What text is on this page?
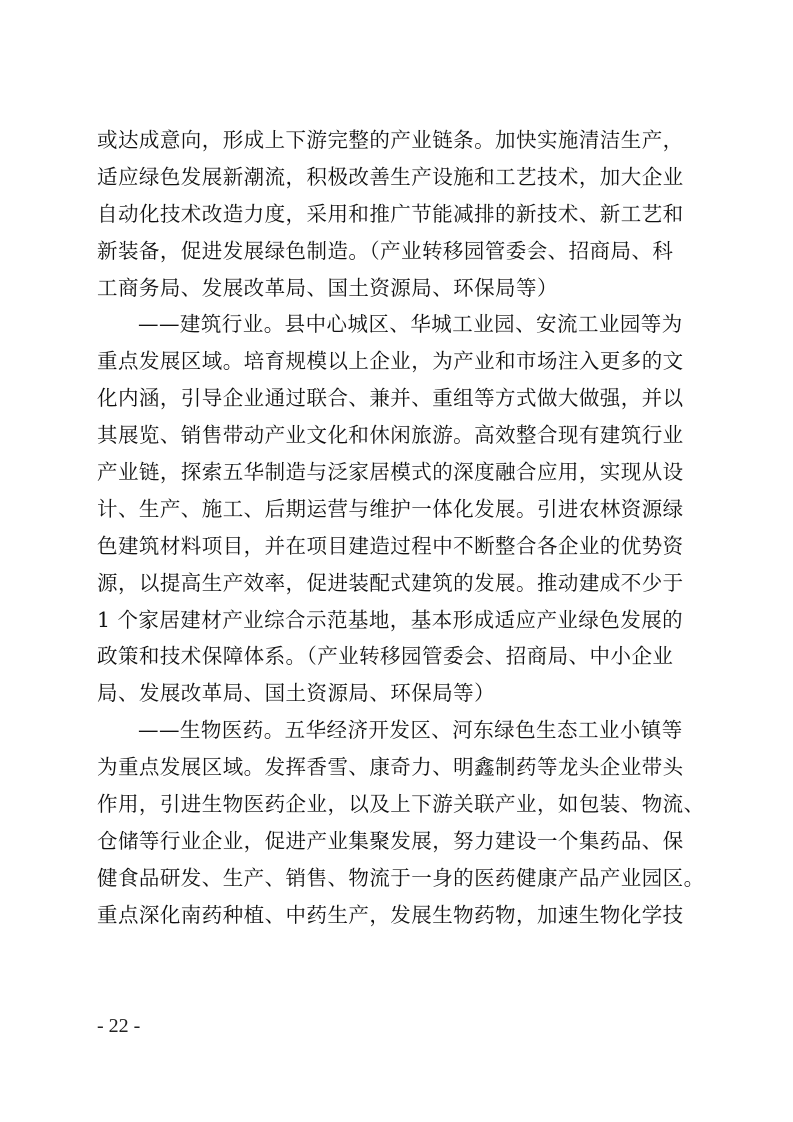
或达成意向，形成上下游完整的产业链条。加快实施清洁生产，
适应绿色发展新潮流，积极改善生产设施和工艺技术，加大企业
自动化技术改造力度，采用和推广节能减排的新技术、新工艺和
新装备，促进发展绿色制造。（产业转移园管委会、招商局、科
工商务局、发展改革局、国土资源局、环保局等）
——建筑行业。县中心城区、华城工业园、安流工业园等为
重点发展区域。培育规模以上企业，为产业和市场注入更多的文
化内涵，引导企业通过联合、兼并、重组等方式做大做强，并以
其展览、销售带动产业文化和休闲旅游。高效整合现有建筑行业
产业链，探索五华制造与泛家居模式的深度融合应用，实现从设
计、生产、施工、后期运营与维护一体化发展。引进农林资源绿
色建筑材料项目，并在项目建造过程中不断整合各企业的优势资
源，以提高生产效率，促进装配式建筑的发展。推动建成不少于
1 个家居建材产业综合示范基地，基本形成适应产业绿色发展的
政策和技术保障体系。（产业转移园管委会、招商局、中小企业
局、发展改革局、国土资源局、环保局等）
——生物医药。五华经济开发区、河东绿色生态工业小镇等
为重点发展区域。发挥香雪、康奇力、明鑫制药等龙头企业带头
作用，引进生物医药企业，以及上下游关联产业，如包装、物流、
仓储等行业企业，促进产业集聚发展，努力建设一个集药品、保
健食品研发、生产、销售、物流于一身的医药健康产品产业园区。
重点深化南药种植、中药生产，发展生物药物，加速生物化学技
- 22 -
